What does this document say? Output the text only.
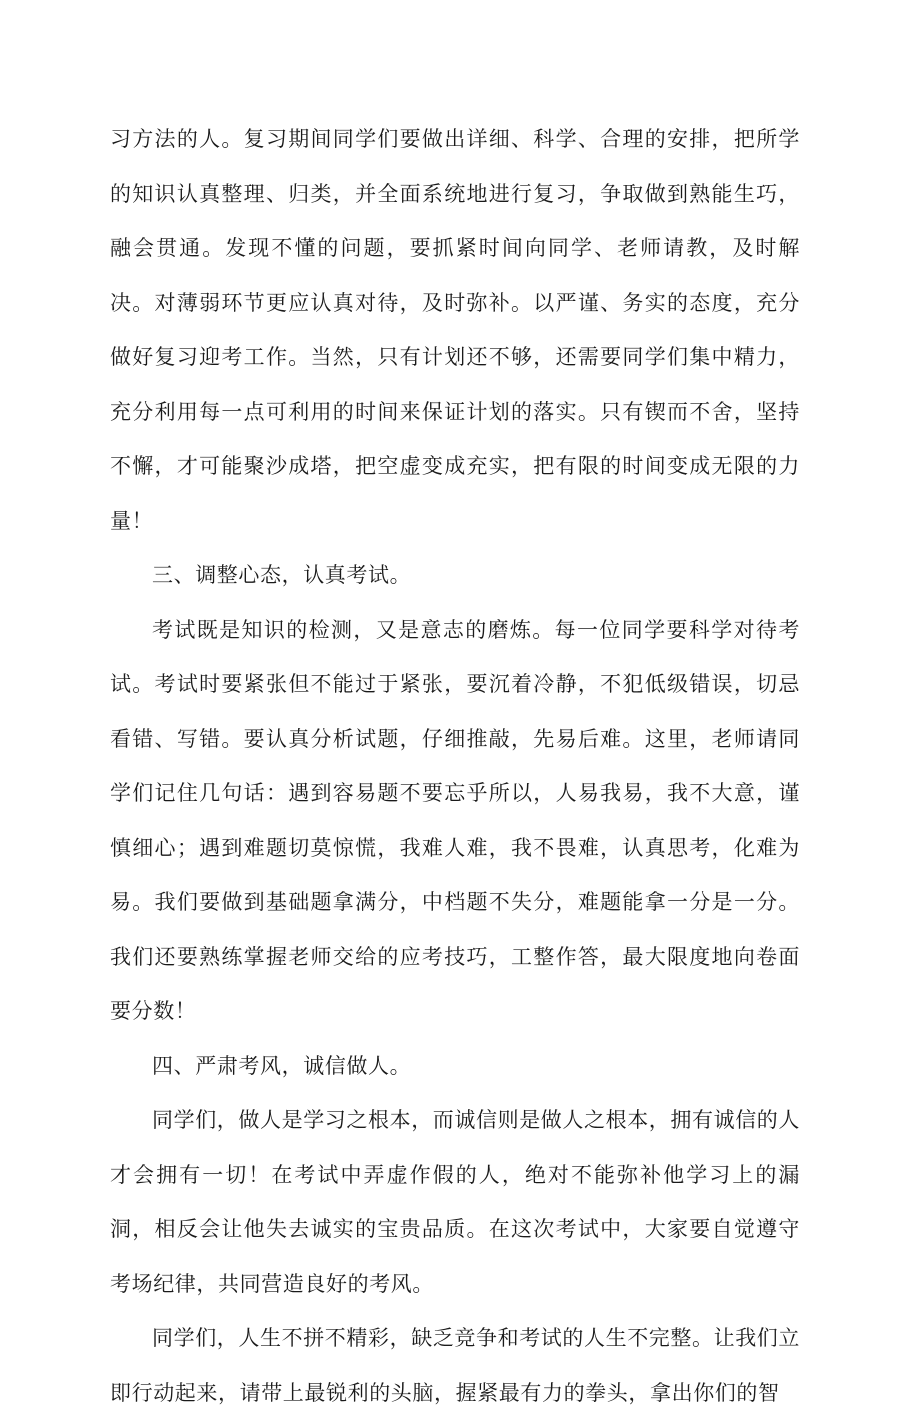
习方法的人。复习期间同学们要做出详细、科学、合理的安排，把所学的知识认真整理、归类，并全面系统地进行复习，争取做到熟能生巧，融会贯通。发现不懂的问题，要抓紧时间向同学、老师请教，及时解决。对薄弱环节更应认真对待，及时弥补。以严谨、务实的态度，充分做好复习迎考工作。当然，只有计划还不够，还需要同学们集中精力，充分利用每一点可利用的时间来保证计划的落实。只有锲而不舍，坚持不懈，才可能聚沙成塔，把空虚变成充实，把有限的时间变成无限的力量！

三、调整心态，认真考试。

考试既是知识的检测，又是意志的磨炼。每一位同学要科学对待考试。考试时要紧张但不能过于紧张，要沉着冷静，不犯低级错误，切忌看错、写错。要认真分析试题，仔细推敲，先易后难。这里，老师请同学们记住几句话：遇到容易题不要忘乎所以，人易我易，我不大意，谨慎细心；遇到难题切莫惊慌，我难人难，我不畏难，认真思考，化难为易。我们要做到基础题拿满分，中档题不失分，难题能拿一分是一分。我们还要熟练掌握老师交给的应考技巧，工整作答，最大限度地向卷面要分数！

四、严肃考风，诚信做人。

同学们，做人是学习之根本，而诚信则是做人之根本，拥有诚信的人才会拥有一切！在考试中弄虚作假的人，绝对不能弥补他学习上的漏洞，相反会让他失去诚实的宝贵品质。在这次考试中，大家要自觉遵守考场纪律，共同营造良好的考风。

同学们，人生不拼不精彩，缺乏竞争和考试的人生不完整。让我们立即行动起来，请带上最锐利的头脑，握紧最有力的拳头，拿出你们的智
